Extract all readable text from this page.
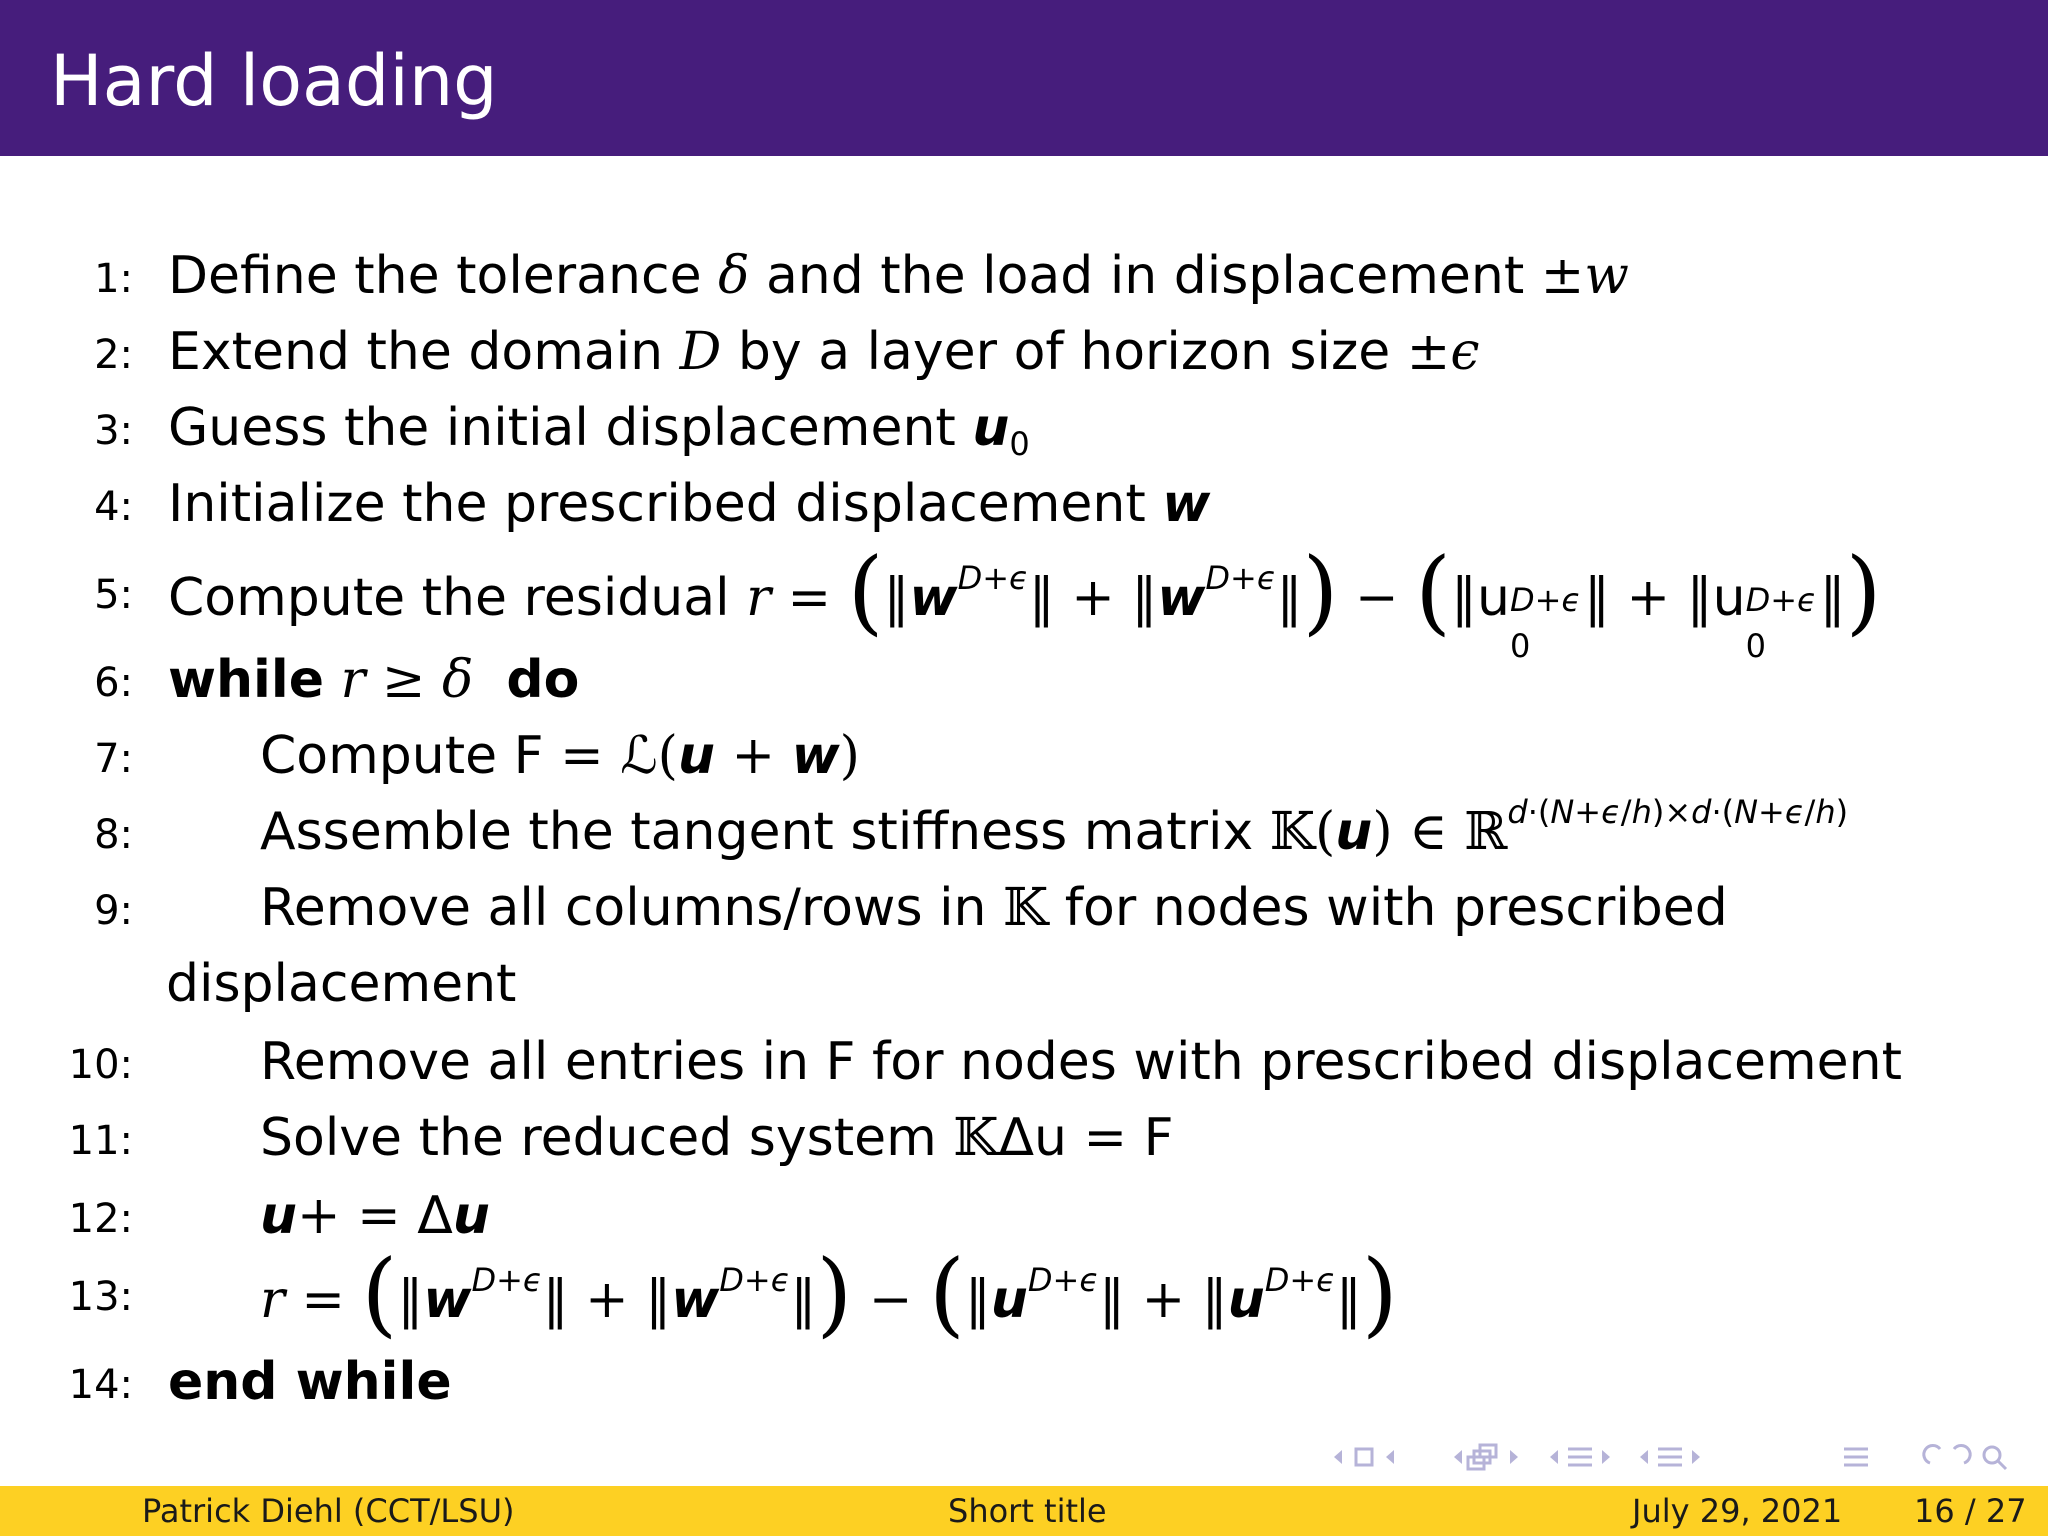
Hard loading
1: Define the tolerance δ and the load in displacement ±w
2: Extend the domain D by a layer of horizon size ±ϵ
3: Guess the initial displacement $u_0$
4: Initialize the prescribed displacement w
5: Compute the residual $r = (‖w^{D+\epsilon}‖$ + $‖w^{D+\epsilon}‖$) − (‖u D+ϵ
0
‖ + ‖u D+ϵ
0
‖)
6: while r ≥ δ do
7: Compute F = ℒ(u + w)
8: Assemble the tangent stiffness matrix 𝕂(u) ∈ ℝ$^{d\cdot(N+\epsilon/h)\times d\cdot(N+\epsilon/h)}$
9: Remove all columns/rows in 𝕂 for nodes with prescribed
displacement
10: Remove all entries in F for nodes with prescribed displacement
11: Solve the reduced system 𝕂Δu = F
12: u+ = Δu
13: $r = (‖w^{D+\epsilon}‖$ + $‖w^{D+\epsilon}‖$) − ($‖u^{D+\epsilon}‖$ + $‖u^{D+\epsilon}‖$)
14: end while
Patrick Diehl (CCT/LSU)	Short title	July 29, 2021 16 / 27
